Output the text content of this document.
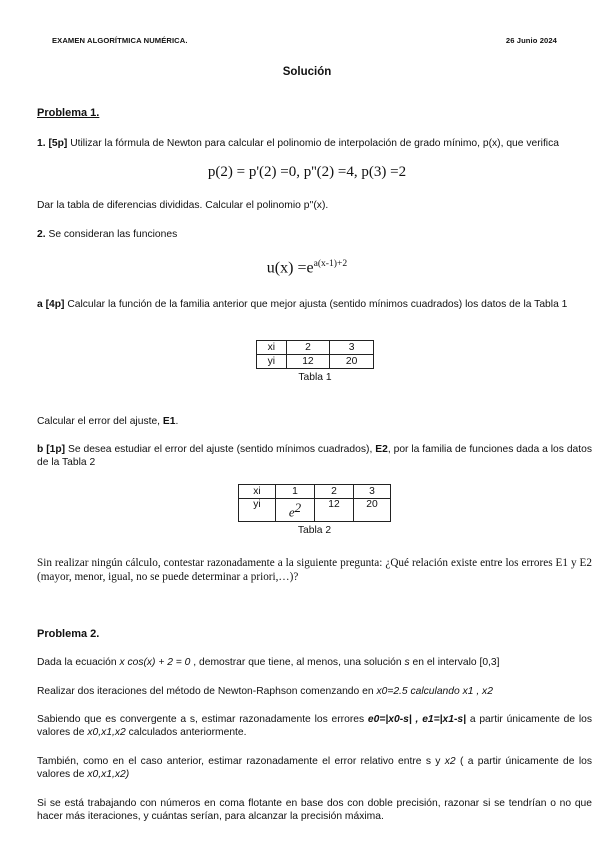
EXAMEN ALGORÍTMICA NUMÉRICA.	26 Junio 2024
Solución
Problema 1.
1. [5p] Utilizar la fórmula de Newton para calcular el polinomio de interpolación de grado mínimo, p(x), que verifica
p(2) = p'(2) =0, p''(2) =4, p(3) =2
Dar la tabla de diferencias divididas. Calcular el polinomio p''(x).
2. Se consideran las funciones
$u(x) =e^{a(x-1)+2}$
a [4p] Calcular la función de la familia anterior que mejor ajusta (sentido mínimos cuadrados) los datos de la Tabla 1
xi	2	3
yi	12	20
Tabla 1
Calcular el error del ajuste, E1.
b [1p] Se desea estudiar el error del ajuste (sentido mínimos cuadrados), E2, por la familia de funciones dada a los datos de la Tabla 2
xi	1	2	3
yi	$e^2$	12	20
Tabla 2
Sin realizar ningún cálculo, contestar razonadamente a la siguiente pregunta: ¿Qué relación existe entre los errores E1 y E2 (mayor, menor, igual, no se puede determinar a priori,…)?
Problema 2.
Dada la ecuación x cos(x) + 2 = 0 , demostrar que tiene, al menos, una solución s en el intervalo [0,3]
Realizar dos iteraciones del método de Newton-Raphson comenzando en x0=2.5 calculando x1 , x2
Sabiendo que es convergente a s, estimar razonadamente los errores e0=|x0-s| , e1=|x1-s| a partir únicamente de los valores de x0,x1,x2 calculados anteriormente.
También, como en el caso anterior, estimar razonadamente el error relativo entre s y x2 ( a partir únicamente de los valores de x0,x1,x2)
Si se está trabajando con números en coma flotante en base dos con doble precisión, razonar si se tendrían o no que hacer más iteraciones, y cuántas serían, para alcanzar la precisión máxima.
